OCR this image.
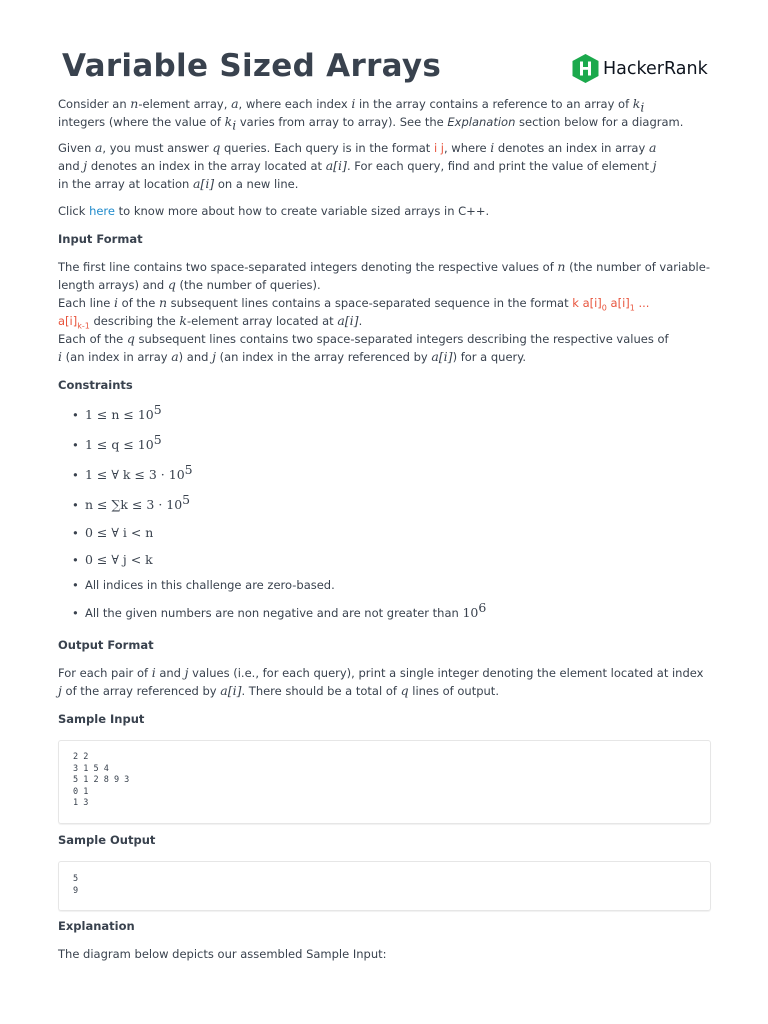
Variable Sized Arrays	HackerRank

Consider an n-element array, a, where each index i in the array contains a reference to an array of $k_i$
integers (where the value of $k_i$ varies from array to array). See the Explanation section below for a diagram.

Given a, you must answer q queries. Each query is in the format i j, where i denotes an index in array a
and j denotes an index in the array located at a[i]. For each query, find and print the value of element j
in the array at location a[i] on a new line.

Click here to know more about how to create variable sized arrays in C++.

Input Format

The first line contains two space-separated integers denoting the respective values of n (the number of variable-length arrays) and q (the number of queries).
Each line i of the n subsequent lines contains a space-separated sequence in the format k $a[i]_0$ $a[i]_1$ ...
$a[i]_{k-1}$ describing the k-element array located at a[i].
Each of the q subsequent lines contains two space-separated integers describing the respective values of
i (an index in array a) and j (an index in the array referenced by a[i]) for a query.

Constraints

• $1 \le n \le 10^5$
• $1 \le q \le 10^5$
• 1 ≤ ∀ $k \le 3 \cdot 10^5$
• $n \le \sum k \le 3 \cdot 10^5$
• 0 ≤ ∀ i < n
• 0 ≤ ∀ j < k
• All indices in this challenge are zero-based.
• All the given numbers are non negative and are not greater than $10^6$

Output Format

For each pair of i and j values (i.e., for each query), print a single integer denoting the element located at index j of the array referenced by a[i]. There should be a total of q lines of output.

Sample Input

2 2
3 1 5 4
5 1 2 8 9 3
0 1
1 3

Sample Output

5
9

Explanation

The diagram below depicts our assembled Sample Input:
